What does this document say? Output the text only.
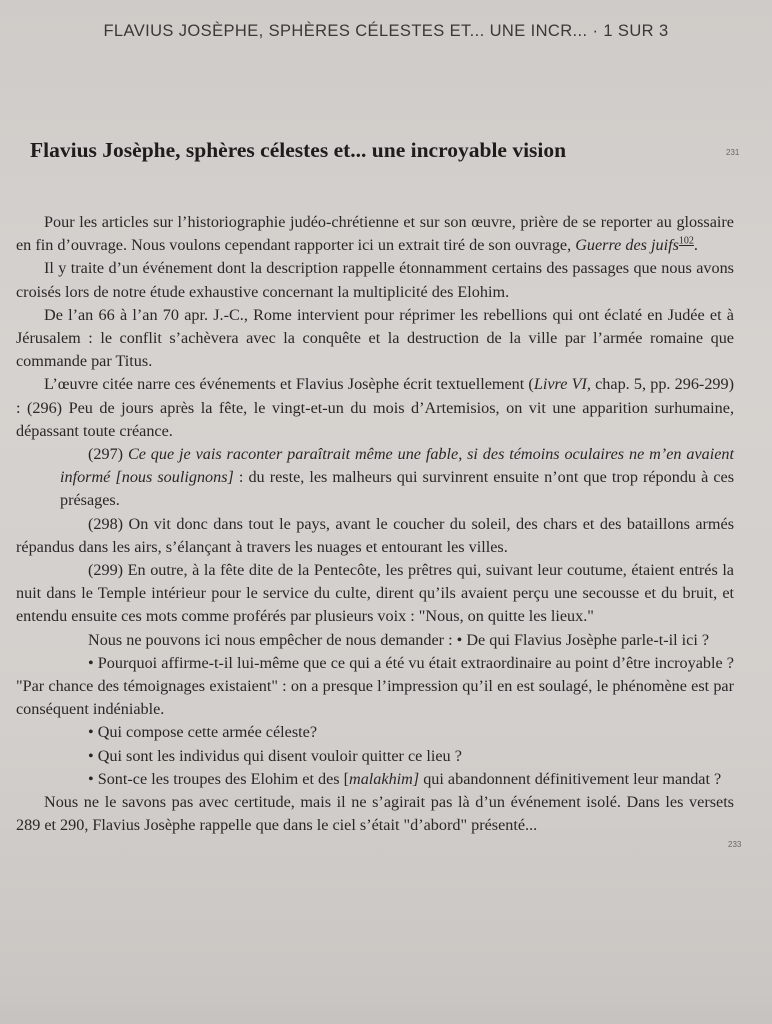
FLAVIUS JOSÈPHE, SPHÈRES CÉLESTES ET... UNE INCR... · 1 SUR 3
Flavius Josèphe, sphères célestes et... une incroyable vision	231
233

Pour les articles sur l’historiographie judéo-chrétienne et sur son œuvre, prière de se reporter au glossaire en fin d’ouvrage. Nous voulons cependant rapporter ici un extrait tiré de son ouvrage, Guerre des juifs$^{102}$.

Il y traite d’un événement dont la description rappelle étonnamment certains des passages que nous avons croisés lors de notre étude exhaustive concernant la multiplicité des Elohim.

De l’an 66 à l’an 70 apr. J.-C., Rome intervient pour réprimer les rebellions qui ont éclaté en Judée et à Jérusalem : le conflit s’achèvera avec la conquête et la destruction de la ville par l’armée romaine que commande par Titus.

L’œuvre citée narre ces événements et Flavius Josèphe écrit textuellement (Livre VI, chap. 5, pp. 296-299) : (296) Peu de jours après la fête, le vingt-et-un du mois d’Artemisios, on vit une apparition surhumaine, dépassant toute créance.

(297) Ce que je vais raconter paraîtrait même une fable, si des témoins oculaires ne m’en avaient informé [nous soulignons] : du reste, les malheurs qui survinrent ensuite n’ont que trop répondu à ces présages.

(298) On vit donc dans tout le pays, avant le coucher du soleil, des chars et des bataillons armés répandus dans les airs, s’élançant à travers les nuages et entourant les villes.

(299) En outre, à la fête dite de la Pentecôte, les prêtres qui, suivant leur coutume, étaient entrés la nuit dans le Temple intérieur pour le service du culte, dirent qu’ils avaient perçu une secousse et du bruit, et entendu ensuite ces mots comme proférés par plusieurs voix : "Nous, on quitte les lieux."

Nous ne pouvons ici nous empêcher de nous demander : • De qui Flavius Josèphe parle-t-il ici ?

• Pourquoi affirme-t-il lui-même que ce qui a été vu était extraordinaire au point d’être incroyable ? "Par chance des témoignages existaient" : on a presque l’impression qu’il en est soulagé, le phénomène est par conséquent indéniable.

• Qui compose cette armée céleste?

• Qui sont les individus qui disent vouloir quitter ce lieu ?

• Sont-ce les troupes des Elohim et des [malakhim] qui abandonnent définitivement leur mandat ?

Nous ne le savons pas avec certitude, mais il ne s’agirait pas là d’un événement isolé. Dans les versets 289 et 290, Flavius Josèphe rappelle que dans le ciel s’était "d’abord" présenté...
